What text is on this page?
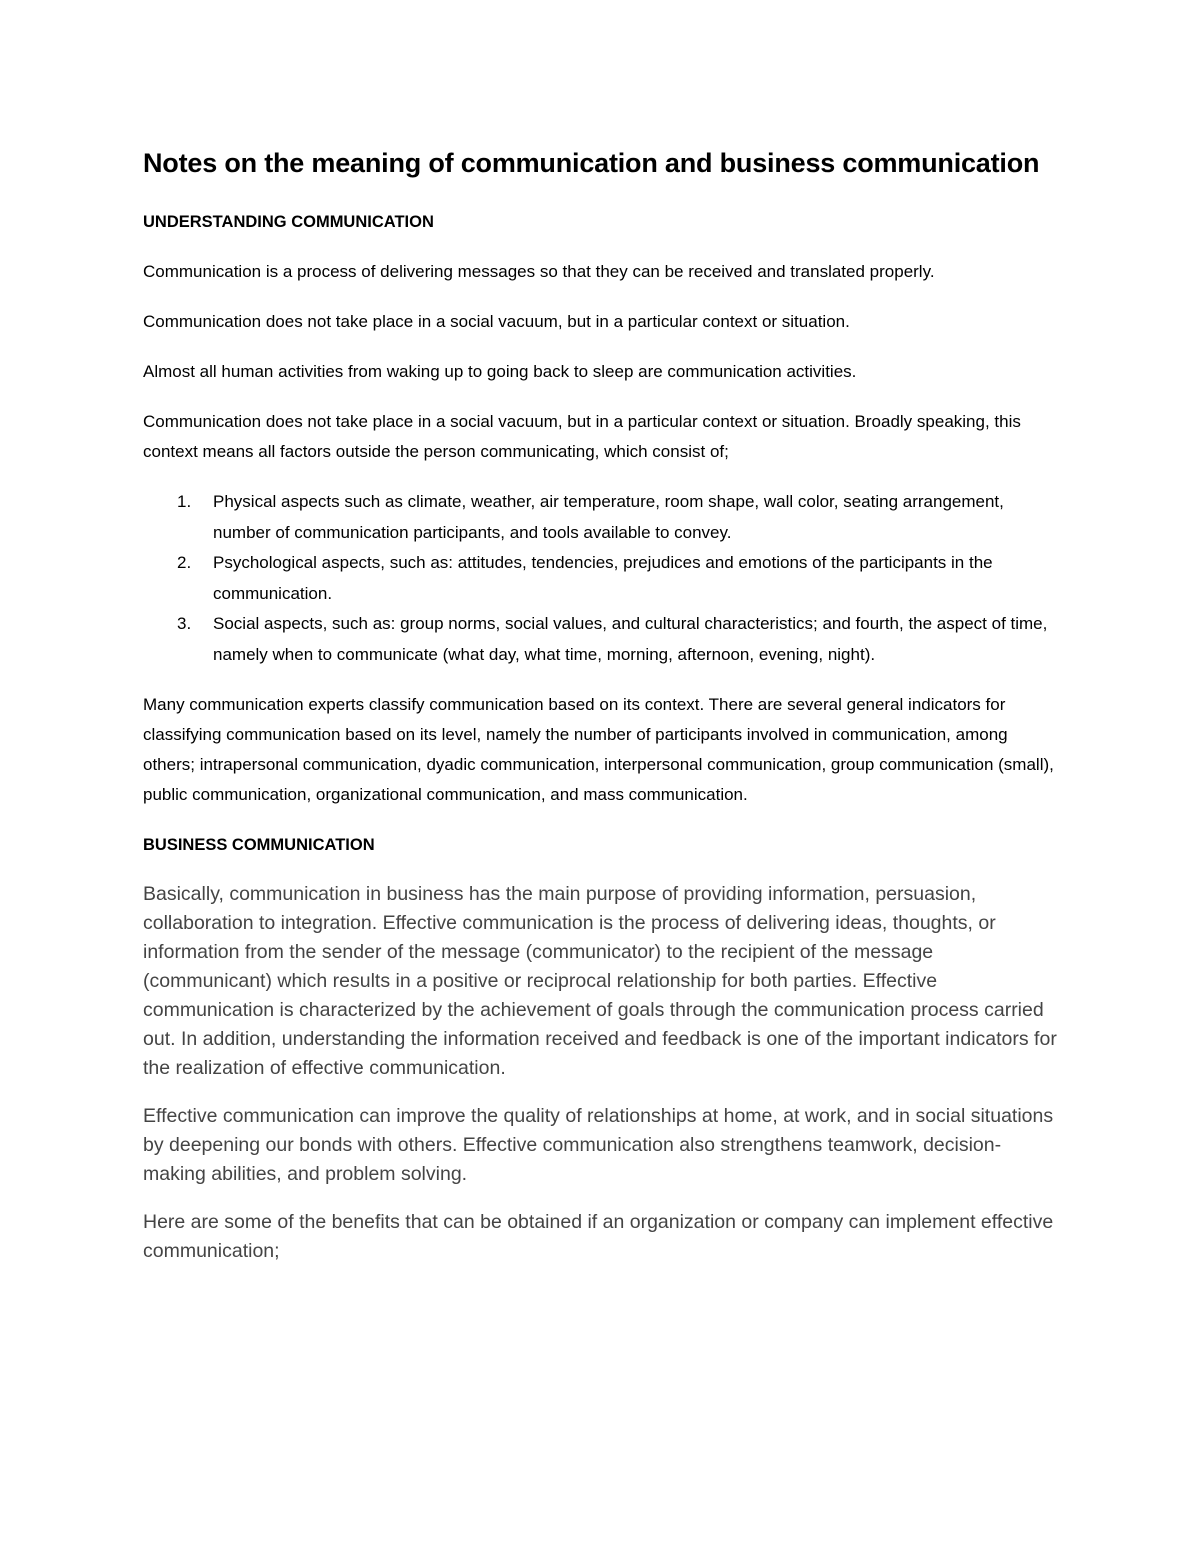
Notes on the meaning of communication and business communication
UNDERSTANDING COMMUNICATION

Communication is a process of delivering messages so that they can be received and translated properly.

Communication does not take place in a social vacuum, but in a particular context or situation.

Almost all human activities from waking up to going back to sleep are communication activities.

Communication does not take place in a social vacuum, but in a particular context or situation. Broadly speaking, this context means all factors outside the person communicating, which consist of;

1. Physical aspects such as climate, weather, air temperature, room shape, wall color, seating arrangement, number of communication participants, and tools available to convey.
2. Psychological aspects, such as: attitudes, tendencies, prejudices and emotions of the participants in the communication.
3. Social aspects, such as: group norms, social values, and cultural characteristics; and fourth, the aspect of time, namely when to communicate (what day, what time, morning, afternoon, evening, night).

Many communication experts classify communication based on its context. There are several general indicators for classifying communication based on its level, namely the number of participants involved in communication, among others; intrapersonal communication, dyadic communication, interpersonal communication, group communication (small), public communication, organizational communication, and mass communication.

BUSINESS COMMUNICATION

Basically, communication in business has the main purpose of providing information, persuasion, collaboration to integration. Effective communication is the process of delivering ideas, thoughts, or information from the sender of the message (communicator) to the recipient of the message (communicant) which results in a positive or reciprocal relationship for both parties. Effective communication is characterized by the achievement of goals through the communication process carried out. In addition, understanding the information received and feedback is one of the important indicators for the realization of effective communication.

Effective communication can improve the quality of relationships at home, at work, and in social situations by deepening our bonds with others. Effective communication also strengthens teamwork, decision-making abilities, and problem solving.

Here are some of the benefits that can be obtained if an organization or company can implement effective communication;
